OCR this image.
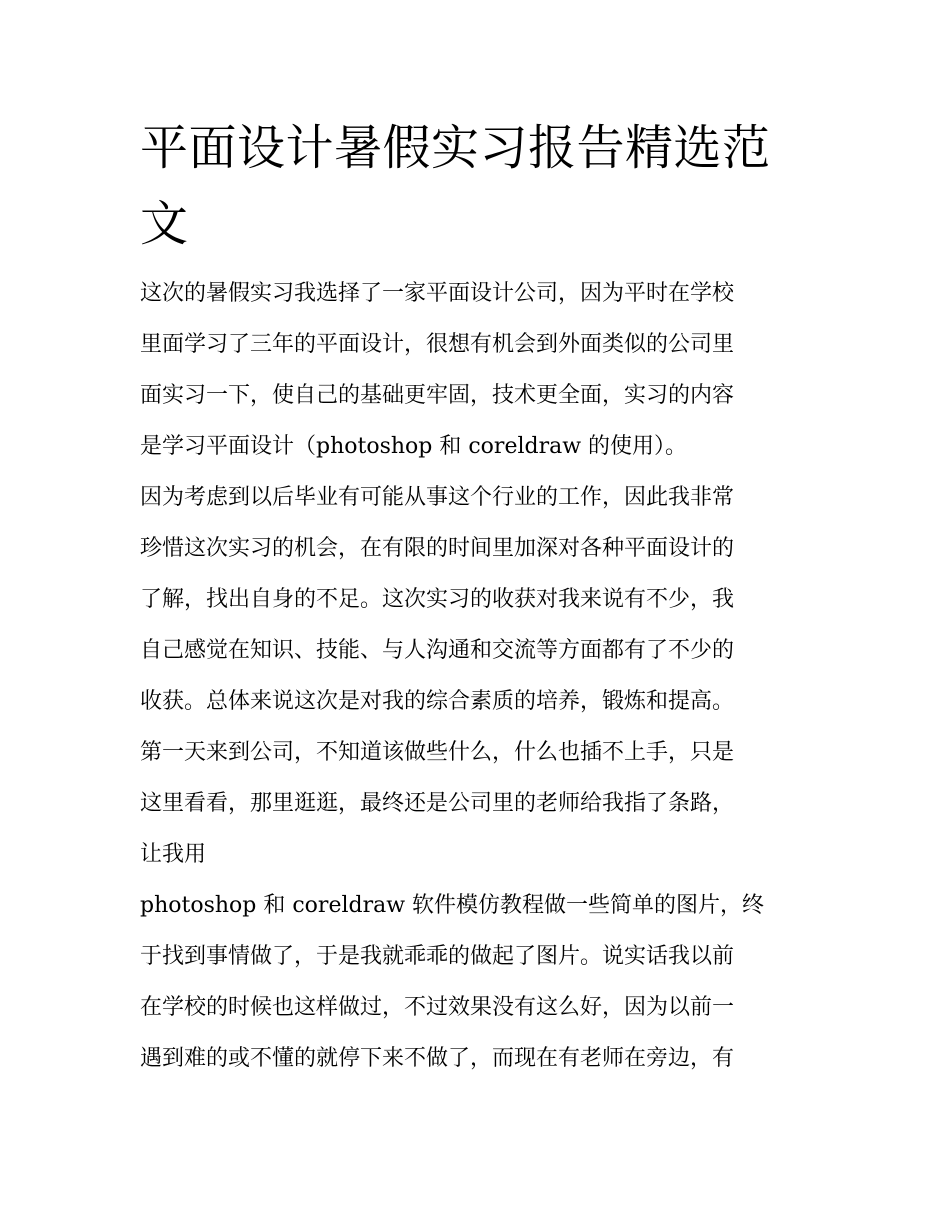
平面设计暑假实习报告精选范
文

这次的暑假实习我选择了一家平面设计公司，因为平时在学校
里面学习了三年的平面设计，很想有机会到外面类似的公司里
面实习一下，使自己的基础更牢固，技术更全面，实习的内容
是学习平面设计（photoshop 和 coreldraw 的使用）。

因为考虑到以后毕业有可能从事这个行业的工作，因此我非常
珍惜这次实习的机会，在有限的时间里加深对各种平面设计的
了解，找出自身的不足。这次实习的收获对我来说有不少，我
自己感觉在知识、技能、与人沟通和交流等方面都有了不少的
收获。总体来说这次是对我的综合素质的培养，锻炼和提高。

第一天来到公司，不知道该做些什么，什么也插不上手，只是
这里看看，那里逛逛，最终还是公司里的老师给我指了条路，
让我用

photoshop 和 coreldraw 软件模仿教程做一些简单的图片，终
于找到事情做了，于是我就乖乖的做起了图片。说实话我以前
在学校的时候也这样做过，不过效果没有这么好，因为以前一
遇到难的或不懂的就停下来不做了，而现在有老师在旁边，有
